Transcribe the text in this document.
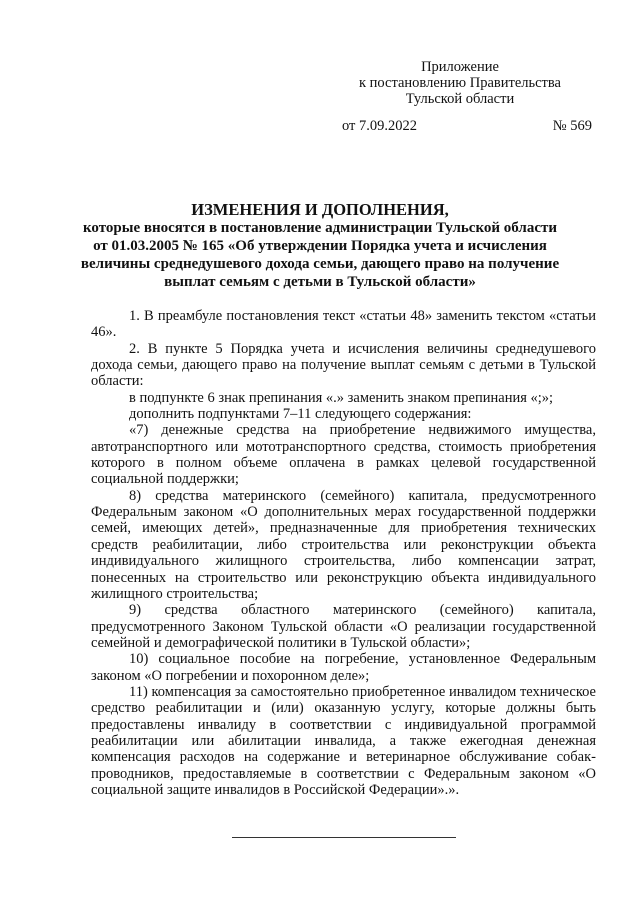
Приложение
к постановлению Правительства
Тульской области
от 7.09.2022	№ 569
ИЗМЕНЕНИЯ И ДОПОЛНЕНИЯ,
которые вносятся в постановление администрации Тульской области
от 01.03.2005 № 165 «Об утверждении Порядка учета и исчисления
величины среднедушевого дохода семьи, дающего право на получение
выплат семьям с детьми в Тульской области»

1. В преамбуле постановления текст «статьи 48» заменить текстом «статьи 46».

2. В пункте 5 Порядка учета и исчисления величины среднедушевого дохода семьи, дающего право на получение выплат семьям с детьми в Тульской области:

в подпункте 6 знак препинания «.» заменить знаком препинания «;»;

дополнить подпунктами 7–11 следующего содержания:

«7) денежные средства на приобретение недвижимого имущества, автотранспортного или мототранспортного средства, стоимость приобретения которого в полном объеме оплачена в рамках целевой государственной социальной поддержки;

8) средства материнского (семейного) капитала, предусмотренного Федеральным законом «О дополнительных мерах государственной поддержки семей, имеющих детей», предназначенные для приобретения технических средств реабилитации, либо строительства или реконструкции объекта индивидуального жилищного строительства, либо компенсации затрат, понесенных на строительство или реконструкцию объекта индивидуального жилищного строительства;

9) средства областного материнского (семейного) капитала, предусмотренного Законом Тульской области «О реализации государственной семейной и демографической политики в Тульской области»;

10) социальное пособие на погребение, установленное Федеральным законом «О погребении и похоронном деле»;

11) компенсация за самостоятельно приобретенное инвалидом техническое средство реабилитации и (или) оказанную услугу, которые должны быть предоставлены инвалиду в соответствии с индивидуальной программой реабилитации или абилитации инвалида, а также ежегодная денежная компенсация расходов на содержание и ветеринарное обслуживание собак-проводников, предоставляемые в соответствии с Федеральным законом «О социальной защите инвалидов в Российской Федерации».».
